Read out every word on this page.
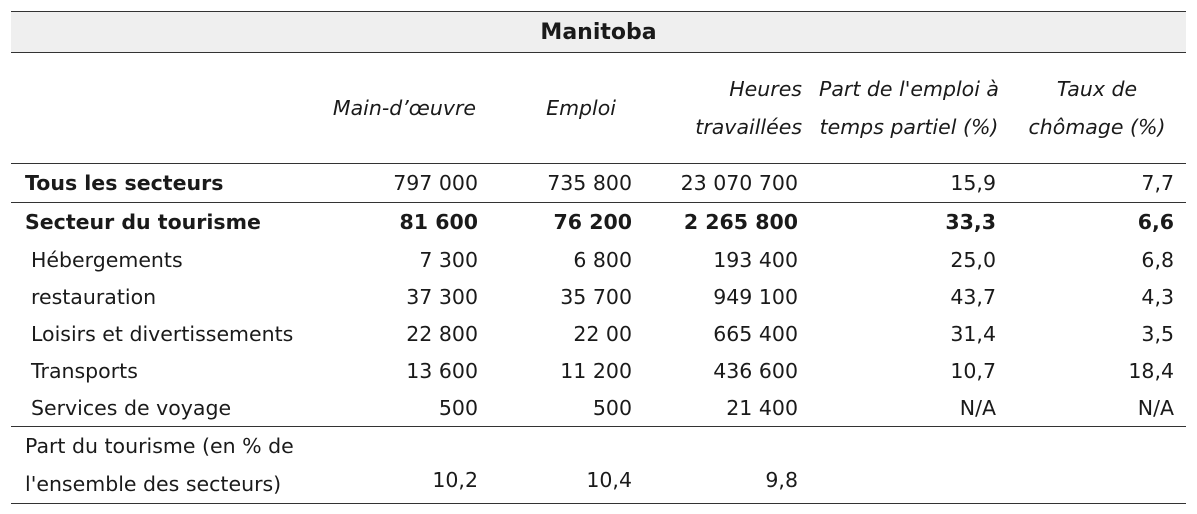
Manitoba					
	Main-d’œuvre	Emploi	Heures travaillées	Part de l'emploi à temps partiel (%)	Taux de chômage (%)
Tous les secteurs	797 000	735 800	23 070 700	15,9	7,7
Secteur du tourisme	81 600	76 200	2 265 800	33,3	6,6
Hébergements	7 300	6 800	193 400	25,0	6,8
restauration	37 300	35 700	949 100	43,7	4,3
Loisirs et divertissements	22 800	22 00	665 400	31,4	3,5
Transports	13 600	11 200	436 600	10,7	18,4
Services de voyage	500	500	21 400	N/A	N/A
Part du tourisme (en % de l'ensemble des secteurs)	10,2	10,4	9,8		
